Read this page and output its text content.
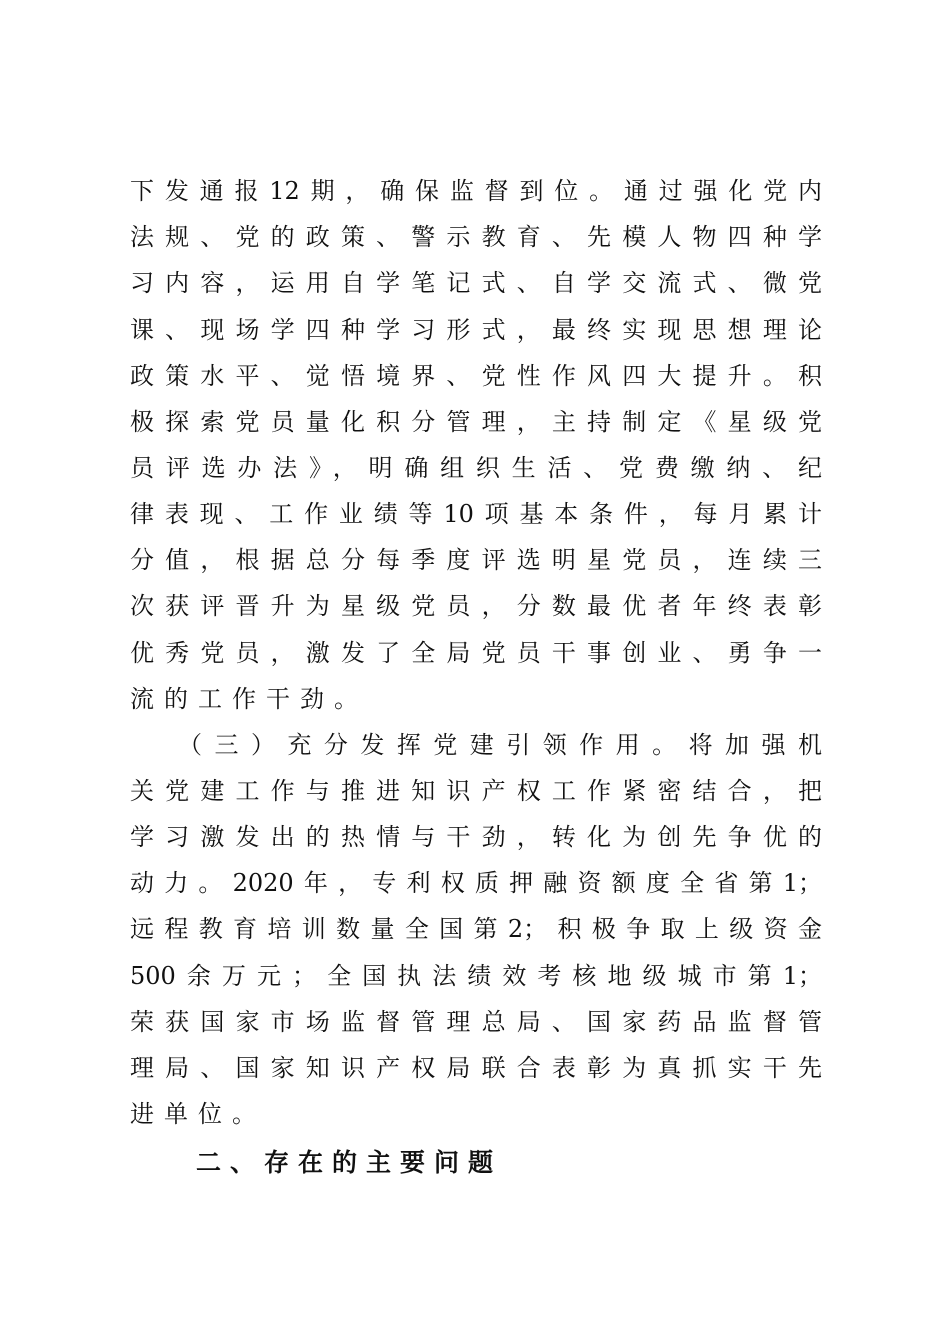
下发通报12期，确保监督到位。通过强化党内
法规、党的政策、警示教育、先模人物四种学
习内容，运用自学笔记式、自学交流式、微党
课、现场学四种学习形式，最终实现思想理论
政策水平、觉悟境界、党性作风四大提升。积
极探索党员量化积分管理，主持制定《星级党
员评选办法》，明确组织生活、党费缴纳、纪
律表现、工作业绩等10项基本条件，每月累计
分值，根据总分每季度评选明星党员，连续三
次获评晋升为星级党员，分数最优者年终表彰
优秀党员，激发了全局党员干事创业、勇争一
流的工作干劲。
（三）充分发挥党建引领作用。将加强机
关党建工作与推进知识产权工作紧密结合，把
学习激发出的热情与干劲，转化为创先争优的
动力。2020年，专利权质押融资额度全省第1；
远程教育培训数量全国第2；积极争取上级资金
500余万元；全国执法绩效考核地级城市第1；
荣获国家市场监督管理总局、国家药品监督管
理局、国家知识产权局联合表彰为真抓实干先
进单位。
二、存在的主要问题
